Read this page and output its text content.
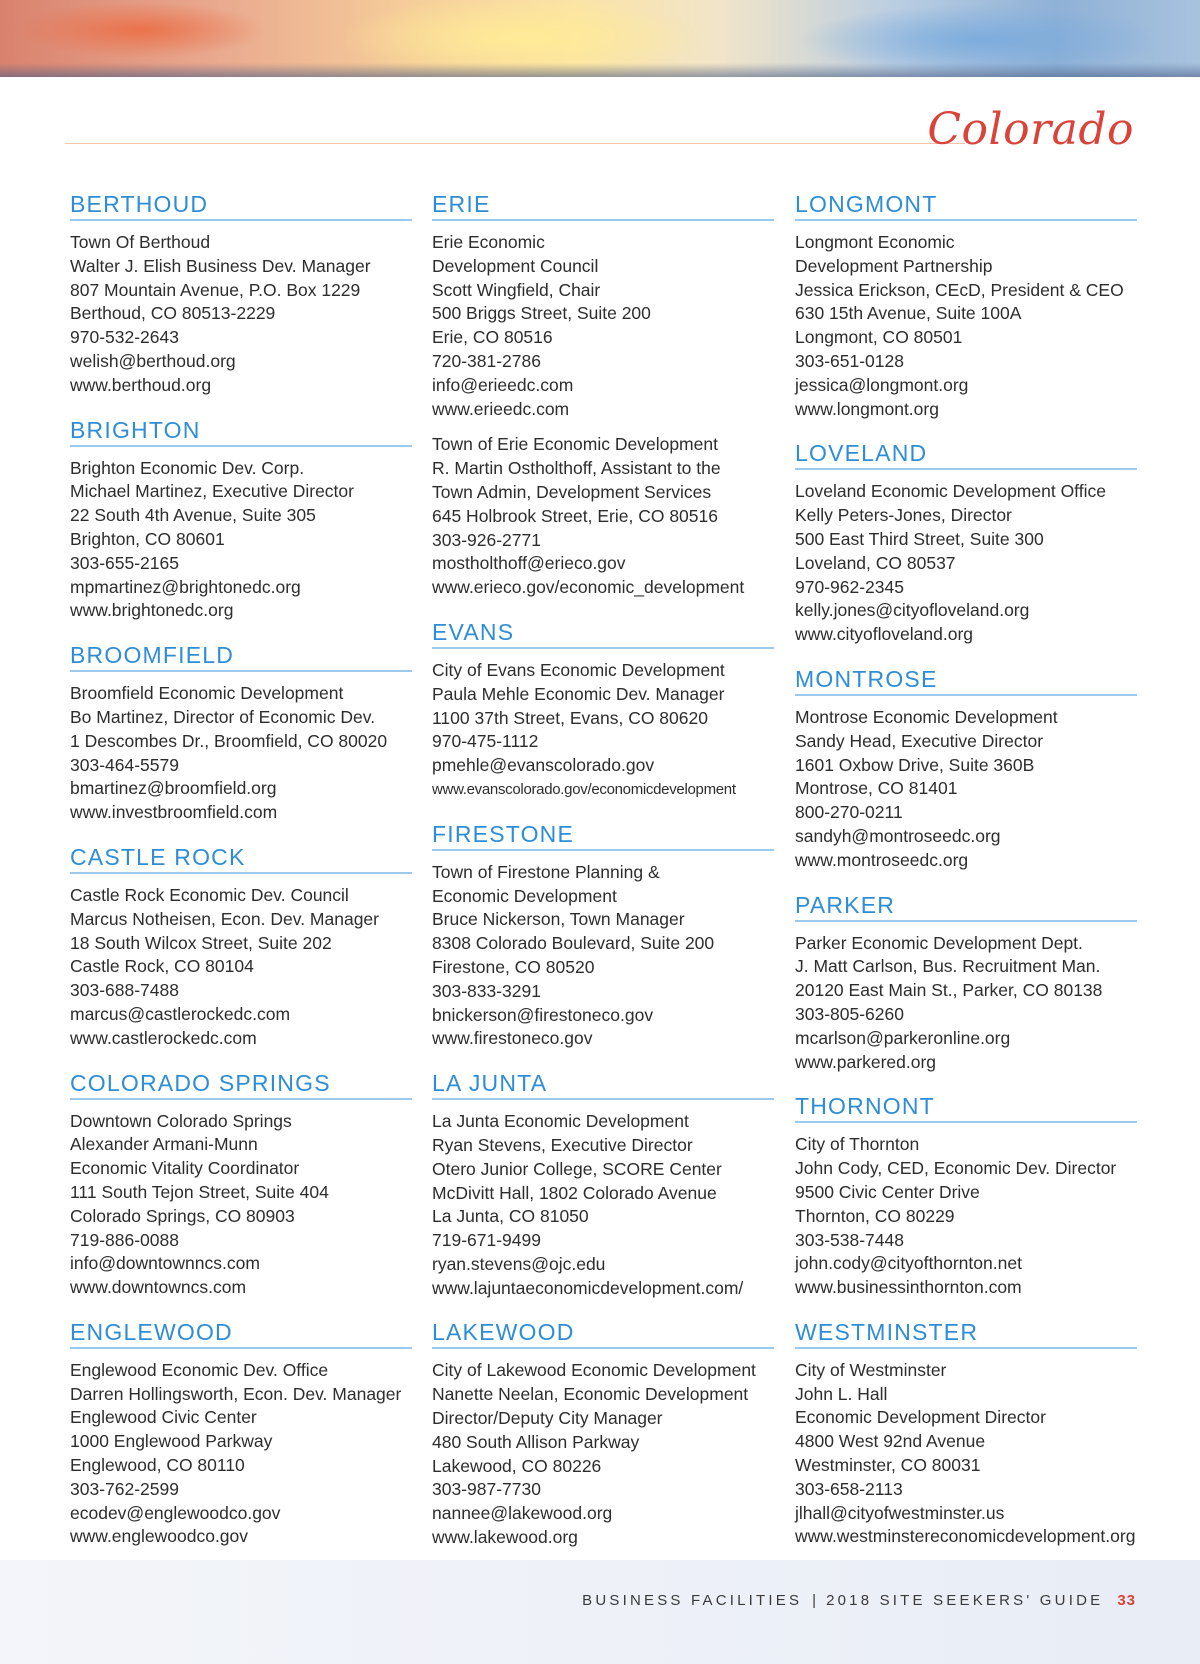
Colorado
BERTHOUD
Town Of Berthoud
Walter J. Elish Business Dev. Manager
807 Mountain Avenue, P.O. Box 1229
Berthoud, CO 80513-2229
970-532-2643
welish@berthoud.org
www.berthoud.org
BRIGHTON
Brighton Economic Dev. Corp.
Michael Martinez, Executive Director
22 South 4th Avenue, Suite 305
Brighton, CO 80601
303-655-2165
mpmartinez@brightonedc.org
www.brightonedc.org
BROOMFIELD
Broomfield Economic Development
Bo Martinez, Director of Economic Dev.
1 Descombes Dr., Broomfield, CO 80020
303-464-5579
bmartinez@broomfield.org
www.investbroomfield.com
CASTLE ROCK
Castle Rock Economic Dev. Council
Marcus Notheisen, Econ. Dev. Manager
18 South Wilcox Street, Suite 202
Castle Rock, CO 80104
303-688-7488
marcus@castlerockedc.com
www.castlerockedc.com
COLORADO SPRINGS
Downtown Colorado Springs
Alexander Armani-Munn
Economic Vitality Coordinator
111 South Tejon Street, Suite 404
Colorado Springs, CO 80903
719-886-0088
info@downtownncs.com
www.downtowncs.com
ENGLEWOOD
Englewood Economic Dev. Office
Darren Hollingsworth, Econ. Dev. Manager
Englewood Civic Center
1000 Englewood Parkway
Englewood, CO 80110
303-762-2599
ecodev@englewoodco.gov
www.englewoodco.gov
ERIE
Erie Economic
Development Council
Scott Wingfield, Chair
500 Briggs Street, Suite 200
Erie, CO 80516
720-381-2786
info@erieedc.com
www.erieedc.com
Town of Erie Economic Development
R. Martin Ostholthoff, Assistant to the
Town Admin, Development Services
645 Holbrook Street, Erie, CO 80516
303-926-2771
mostholthoff@erieco.gov
www.erieco.gov/economic_development
EVANS
City of Evans Economic Development
Paula Mehle Economic Dev. Manager
1100 37th Street, Evans, CO 80620
970-475-1112
pmehle@evanscolorado.gov
www.evanscolorado.gov/economicdevelopment
FIRESTONE
Town of Firestone Planning &
Economic Development
Bruce Nickerson, Town Manager
8308 Colorado Boulevard, Suite 200
Firestone, CO 80520
303-833-3291
bnickerson@firestoneco.gov
www.firestoneco.gov
LA JUNTA
La Junta Economic Development
Ryan Stevens, Executive Director
Otero Junior College, SCORE Center
McDivitt Hall, 1802 Colorado Avenue
La Junta, CO 81050
719-671-9499
ryan.stevens@ojc.edu
www.lajuntaeconomicdevelopment.com/
LAKEWOOD
City of Lakewood Economic Development
Nanette Neelan, Economic Development
Director/Deputy City Manager
480 South Allison Parkway
Lakewood, CO 80226
303-987-7730
nannee@lakewood.org
www.lakewood.org
LONGMONT
Longmont Economic
Development Partnership
Jessica Erickson, CEcD, President & CEO
630 15th Avenue, Suite 100A
Longmont, CO 80501
303-651-0128
jessica@longmont.org
www.longmont.org
LOVELAND
Loveland Economic Development Office
Kelly Peters-Jones, Director
500 East Third Street, Suite 300
Loveland, CO 80537
970-962-2345
kelly.jones@cityofloveland.org
www.cityofloveland.org
MONTROSE
Montrose Economic Development
Sandy Head, Executive Director
1601 Oxbow Drive, Suite 360B
Montrose, CO 81401
800-270-0211
sandyh@montroseedc.org
www.montroseedc.org
PARKER
Parker Economic Development Dept.
J. Matt Carlson, Bus. Recruitment Man.
20120 East Main St., Parker, CO 80138
303-805-6260
mcarlson@parkeronline.org
www.parkered.org
THORNONT
City of Thornton
John Cody, CED, Economic Dev. Director
9500 Civic Center Drive
Thornton, CO 80229
303-538-7448
john.cody@cityofthornton.net
www.businessinthornton.com
WESTMINSTER
City of Westminster
John L. Hall
Economic Development Director
4800 West 92nd Avenue
Westminster, CO 80031
303-658-2113
jlhall@cityofwestminster.us
www.westminstereconomicdevelopment.org
BUSINESS FACILITIES | 2018 SITE SEEKERS' GUIDE 33
